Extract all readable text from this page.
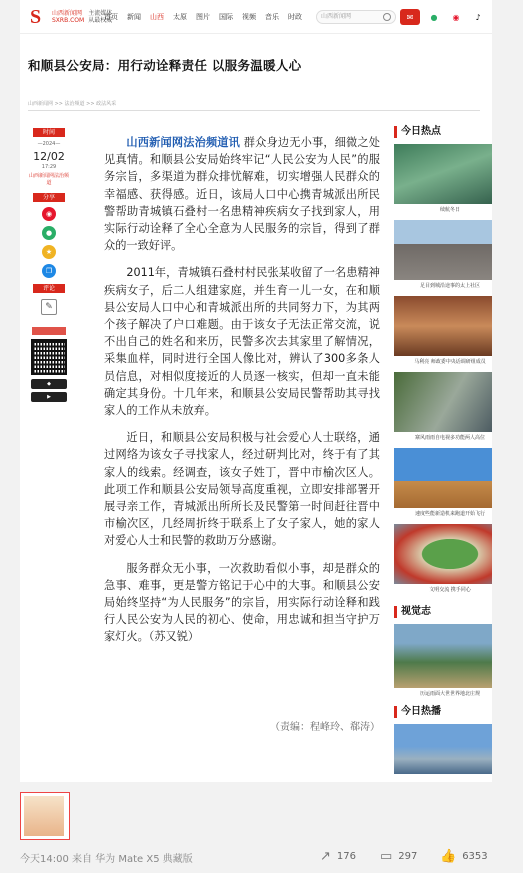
S	山西新闻网
SXRB.COM
主流媒体
从最权威
首页 新闻 山西 太原 图片 国际 视频 音乐 时政	山西新闻网	✉	●	◉	♪
和顺县公安局：用行动诠释责任 以服务温暖人心
山西新闻网 >> 法治频道 >> 政法风采
时间
—2024—
12/02
17:29
山西新闻网法治频道
分享
◉
●
★
❐
评论
✎
◆
▶

山西新闻网法治频道讯 群众身边无小事，细微之处见真情。和顺县公安局始终牢记“人民公安为人民”的服务宗旨，多渠道为群众排忧解难，切实增强人民群众的幸福感、获得感。近日，该局人口中心携青城派出所民警帮助青城镇石叠村一名患精神疾病女子找到家人，用实际行动诠释了全心全意为人民服务的宗旨，得到了群众的一致好评。

2011年，青城镇石叠村村民张某收留了一名患精神疾病女子，后二人组建家庭，并生育一儿一女，在和顺县公安局人口中心和青城派出所的共同努力下，为其两个孩子解决了户口难题。由于该女子无法正常交流，说不出自己的姓名和来历，民警多次去其家里了解情况，采集血样，同时进行全国人像比对，辨认了300多条人员信息，对相似度接近的人员逐一核实，但却一直未能确定其身份。十几年来，和顺县公安局民警帮助其寻找家人的工作从未放弃。

近日，和顺县公安局积极与社会爱心人士联络，通过网络为该女子寻找家人，经过研判比对，终于有了其家人的线索。经调查，该女子姓丁，晋中市榆次区人。此项工作和顺县公安局领导高度重视，立即安排部署开展寻亲工作，青城派出所所长及民警第一时间赶往晋中市榆次区，几经周折终于联系上了女子家人，她的家人对爱心人士和民警的救助万分感谢。

服务群众无小事，一次救助看似小事，却是群众的急事、难事，更是警方铭记于心中的大事。和顺县公安局始终坚持“为人民服务”的宗旨，用实际行动诠释和践行人民公安为人民的初心、使命，用忠诚和担当守护万家灯火。（苏又锐）

（责编：程峰玲、郗涛）
今日热点
续航冬日
足目到城沿途事的太上社区
马利亮 师政委中央话调研组成员
寨风雨雨自电视多功能两人高位
速度些能新造机来跑道开始飞行
文明交流 携手同心
视觉志
历运雨面大世世界地北庄规
今日热播
今天14:00 来自 华为 Mate X5 典藏版	↗ 176 ▭ 297 👍 6353
